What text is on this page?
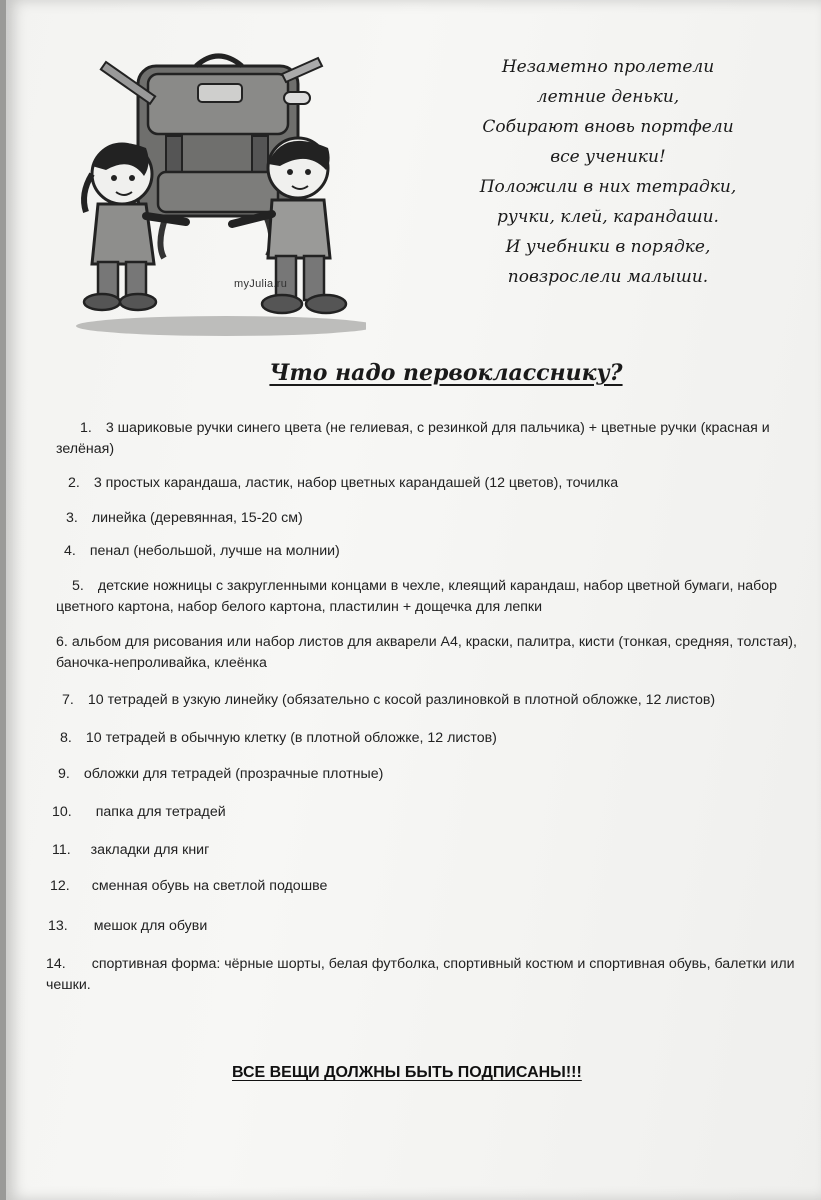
myJulia.ru
Незаметно пролетели
летние деньки,
Собирают вновь портфели
все ученики!
Положили в них тетрадки,
ручки, клей, карандаши.
И учебники в порядке,
повзрослели малыши.
Что надо первокласснику?
1. 3 шариковые ручки синего цвета (не гелиевая, с резинкой для пальчика) + цветные ручки (красная и зелёная)
2. 3 простых карандаша, ластик, набор цветных карандашей (12 цветов), точилка
3. линейка (деревянная, 15-20 см)
4. пенал (небольшой, лучше на молнии)
5. детские ножницы с закругленными концами в чехле, клеящий карандаш, набор цветной бумаги, набор цветного картона, набор белого картона, пластилин + дощечка для лепки
6. альбом для рисования или набор листов для акварели А4, краски, палитра, кисти (тонкая, средняя, толстая), баночка-непроливайка, клеёнка
7. 10 тетрадей в узкую линейку (обязательно с косой разлиновкой в плотной обложке, 12 листов)
8. 10 тетрадей в обычную клетку (в плотной обложке, 12 листов)
9. обложки для тетрадей (прозрачные плотные)
10. папка для тетрадей
11. закладки для книг
12. сменная обувь на светлой подошве
13. мешок для обуви
14. спортивная форма: чёрные шорты, белая футболка, спортивный костюм и спортивная обувь, балетки или чешки.
ВСЕ ВЕЩИ ДОЛЖНЫ БЫТЬ ПОДПИСАНЫ!!!
